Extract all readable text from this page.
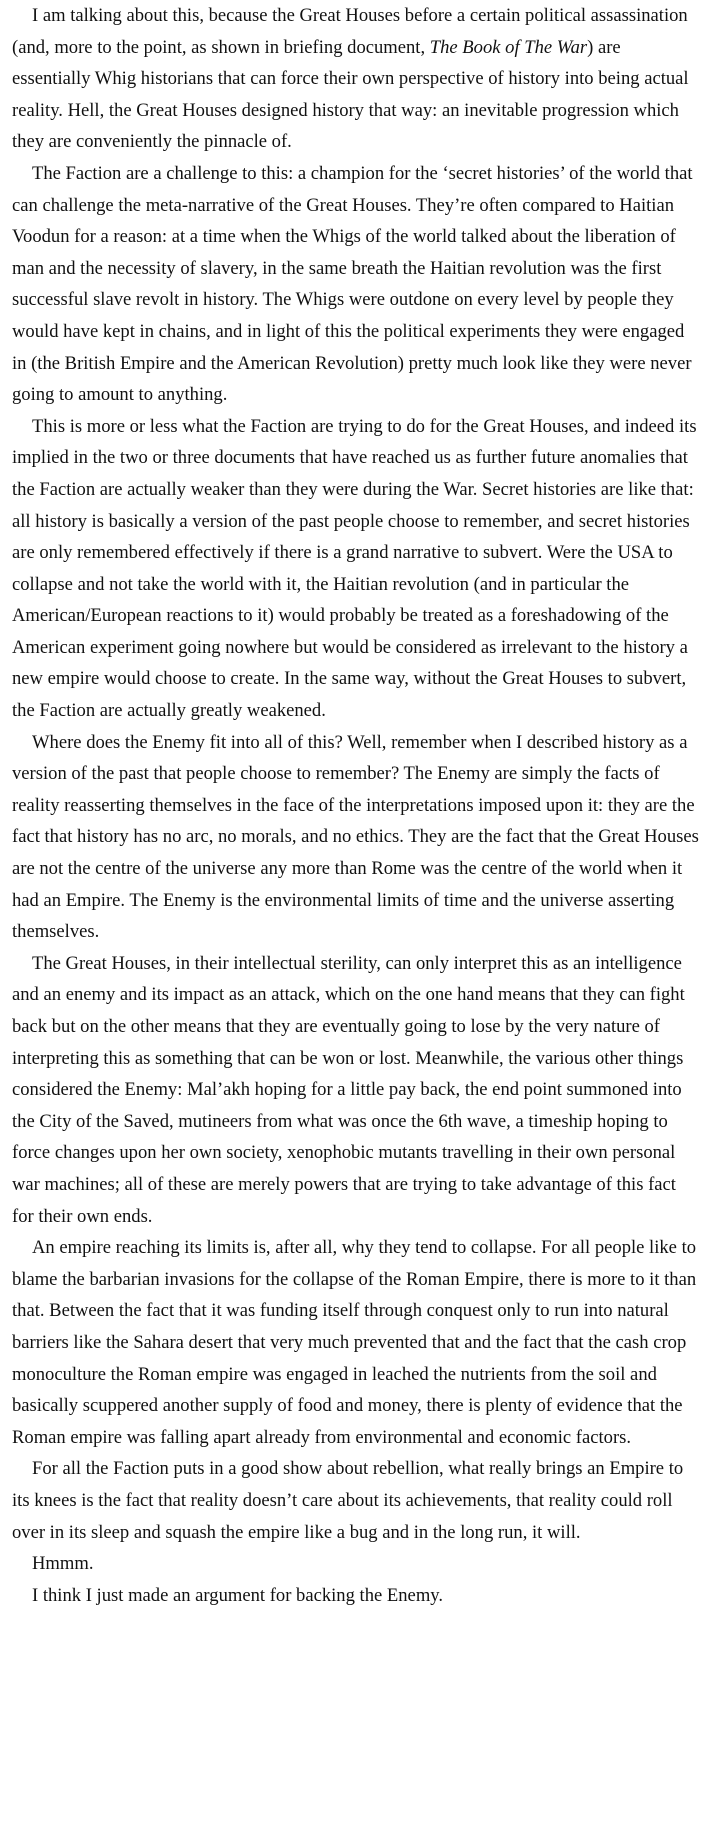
I am talking about this, because the Great Houses before a certain political assassination (and, more to the point, as shown in briefing document, The Book of The War) are essentially Whig historians that can force their own perspective of history into being actual reality. Hell, the Great Houses designed history that way: an inevitable progression which they are conveniently the pinnacle of.

The Faction are a challenge to this: a champion for the ‘secret histories’ of the world that can challenge the meta-narrative of the Great Houses. They’re often compared to Haitian Voodun for a reason: at a time when the Whigs of the world talked about the liberation of man and the necessity of slavery, in the same breath the Haitian revolution was the first successful slave revolt in history. The Whigs were outdone on every level by people they would have kept in chains, and in light of this the political experiments they were engaged in (the British Empire and the American Revolution) pretty much look like they were never going to amount to anything.

This is more or less what the Faction are trying to do for the Great Houses, and indeed its implied in the two or three documents that have reached us as further future anomalies that the Faction are actually weaker than they were during the War. Secret histories are like that: all history is basically a version of the past people choose to remember, and secret histories are only remembered effectively if there is a grand narrative to subvert. Were the USA to collapse and not take the world with it, the Haitian revolution (and in particular the American/European reactions to it) would probably be treated as a foreshadowing of the American experiment going nowhere but would be considered as irrelevant to the history a new empire would choose to create. In the same way, without the Great Houses to subvert, the Faction are actually greatly weakened.

Where does the Enemy fit into all of this? Well, remember when I described history as a version of the past that people choose to remember? The Enemy are simply the facts of reality reasserting themselves in the face of the interpretations imposed upon it: they are the fact that history has no arc, no morals, and no ethics. They are the fact that the Great Houses are not the centre of the universe any more than Rome was the centre of the world when it had an Empire. The Enemy is the environmental limits of time and the universe asserting themselves.

The Great Houses, in their intellectual sterility, can only interpret this as an intelligence and an enemy and its impact as an attack, which on the one hand means that they can fight back but on the other means that they are eventually going to lose by the very nature of interpreting this as something that can be won or lost. Meanwhile, the various other things considered the Enemy: Mal’akh hoping for a little pay back, the end point summoned into the City of the Saved, mutineers from what was once the 6th wave, a timeship hoping to force changes upon her own society, xenophobic mutants travelling in their own personal war machines; all of these are merely powers that are trying to take advantage of this fact for their own ends.

An empire reaching its limits is, after all, why they tend to collapse. For all people like to blame the barbarian invasions for the collapse of the Roman Empire, there is more to it than that. Between the fact that it was funding itself through conquest only to run into natural barriers like the Sahara desert that very much prevented that and the fact that the cash crop monoculture the Roman empire was engaged in leached the nutrients from the soil and basically scuppered another supply of food and money, there is plenty of evidence that the Roman empire was falling apart already from environmental and economic factors.

For all the Faction puts in a good show about rebellion, what really brings an Empire to its knees is the fact that reality doesn’t care about its achievements, that reality could roll over in its sleep and squash the empire like a bug and in the long run, it will.

Hmmm.

I think I just made an argument for backing the Enemy.
